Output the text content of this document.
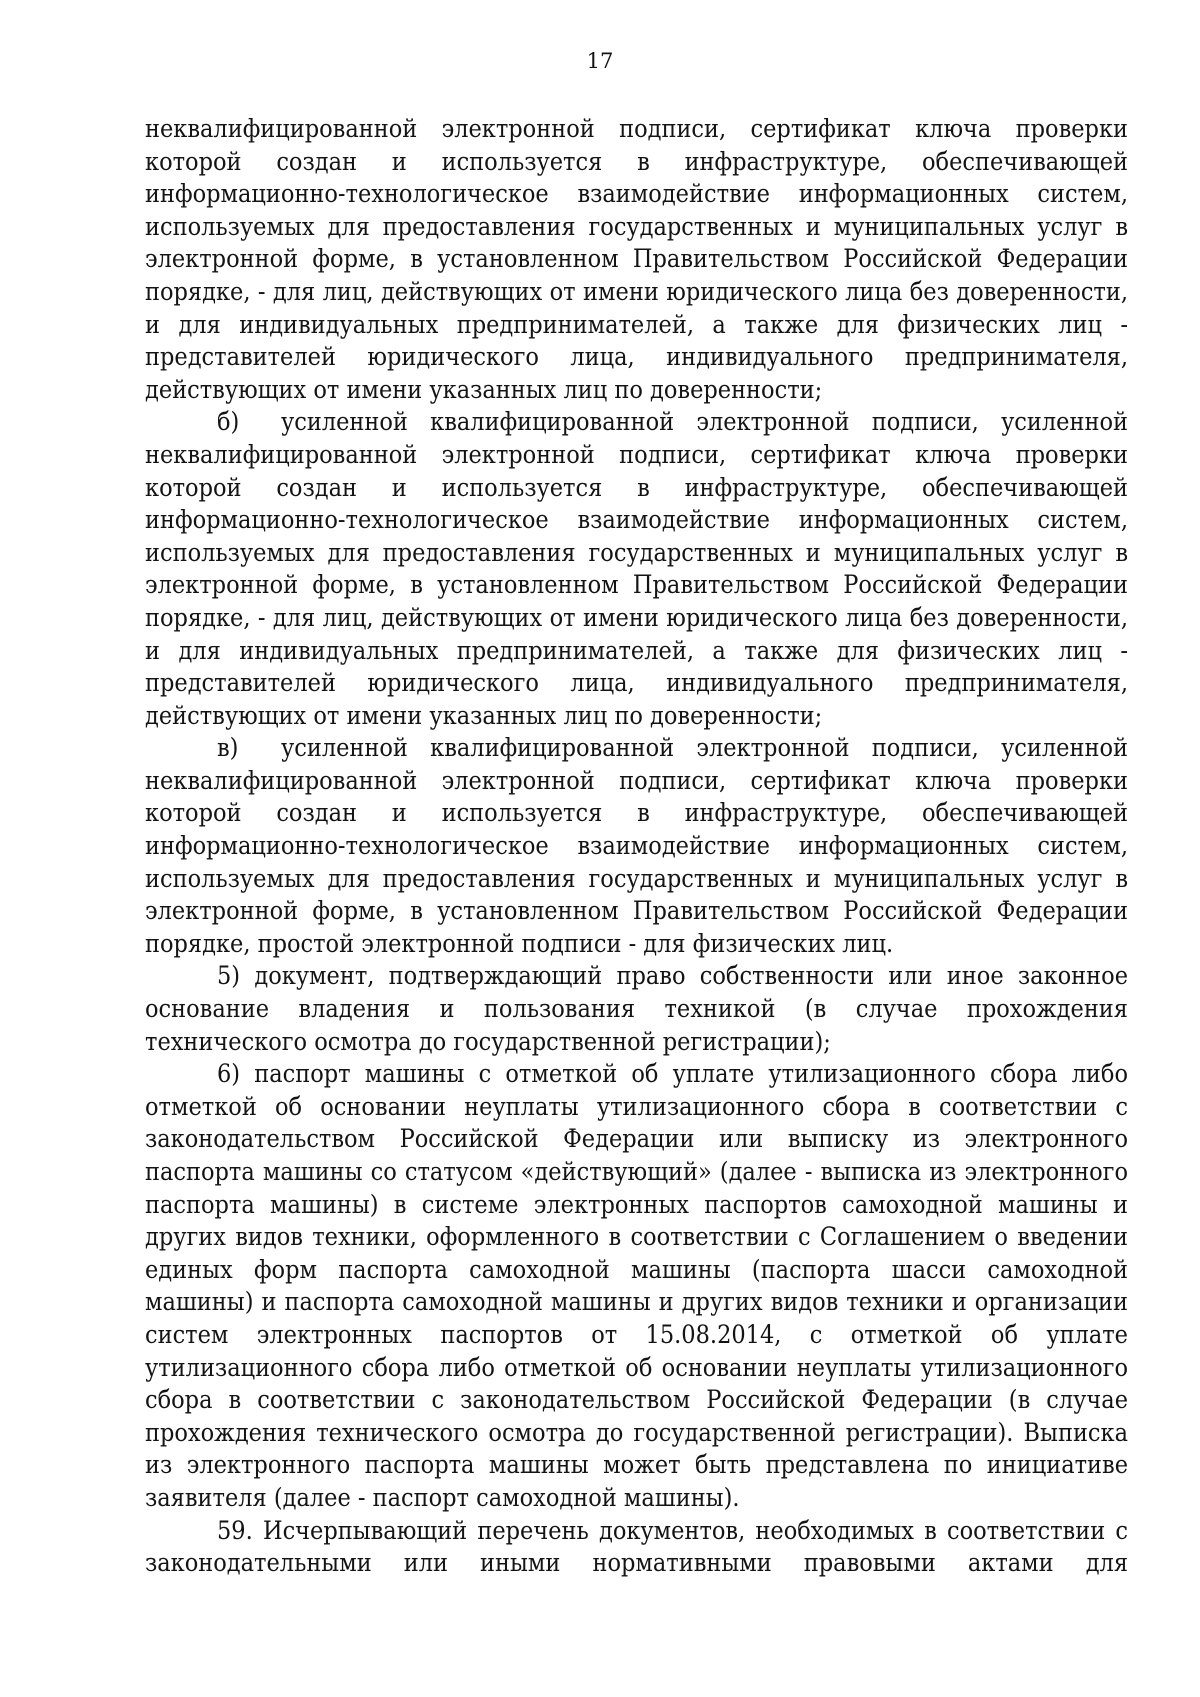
17

неквалифицированной электронной подписи, сертификат ключа проверки которой создан и используется в инфраструктуре, обеспечивающей информационно-технологическое взаимодействие информационных систем, используемых для предоставления государственных и муниципальных услуг в электронной форме, в установленном Правительством Российской Федерации порядке, - для лиц, действующих от имени юридического лица без доверенности, и для индивидуальных предпринимателей, а также для физических лиц - представителей юридического лица, индивидуального предпринимателя, действующих от имени указанных лиц по доверенности;

б) усиленной квалифицированной электронной подписи, усиленной неквалифицированной электронной подписи, сертификат ключа проверки которой создан и используется в инфраструктуре, обеспечивающей информационно-технологическое взаимодействие информационных систем, используемых для предоставления государственных и муниципальных услуг в электронной форме, в установленном Правительством Российской Федерации порядке, - для лиц, действующих от имени юридического лица без доверенности, и для индивидуальных предпринимателей, а также для физических лиц - представителей юридического лица, индивидуального предпринимателя, действующих от имени указанных лиц по доверенности;

в) усиленной квалифицированной электронной подписи, усиленной неквалифицированной электронной подписи, сертификат ключа проверки которой создан и используется в инфраструктуре, обеспечивающей информационно-технологическое взаимодействие информационных систем, используемых для предоставления государственных и муниципальных услуг в электронной форме, в установленном Правительством Российской Федерации порядке, простой электронной подписи - для физических лиц.

5) документ, подтверждающий право собственности или иное законное основание владения и пользования техникой (в случае прохождения технического осмотра до государственной регистрации);

6) паспорт машины с отметкой об уплате утилизационного сбора либо отметкой об основании неуплаты утилизационного сбора в соответствии с законодательством Российской Федерации или выписку из электронного паспорта машины со статусом «действующий» (далее - выписка из электронного паспорта машины) в системе электронных паспортов самоходной машины и других видов техники, оформленного в соответствии с Соглашением о введении единых форм паспорта самоходной машины (паспорта шасси самоходной машины) и паспорта самоходной машины и других видов техники и организации систем электронных паспортов от 15.08.2014, с отметкой об уплате утилизационного сбора либо отметкой об основании неуплаты утилизационного сбора в соответствии с законодательством Российской Федерации (в случае прохождения технического осмотра до государственной регистрации). Выписка из электронного паспорта машины может быть представлена по инициативе заявителя (далее - паспорт самоходной машины).

59. Исчерпывающий перечень документов, необходимых в соответствии с законодательными или иными нормативными правовыми актами для
